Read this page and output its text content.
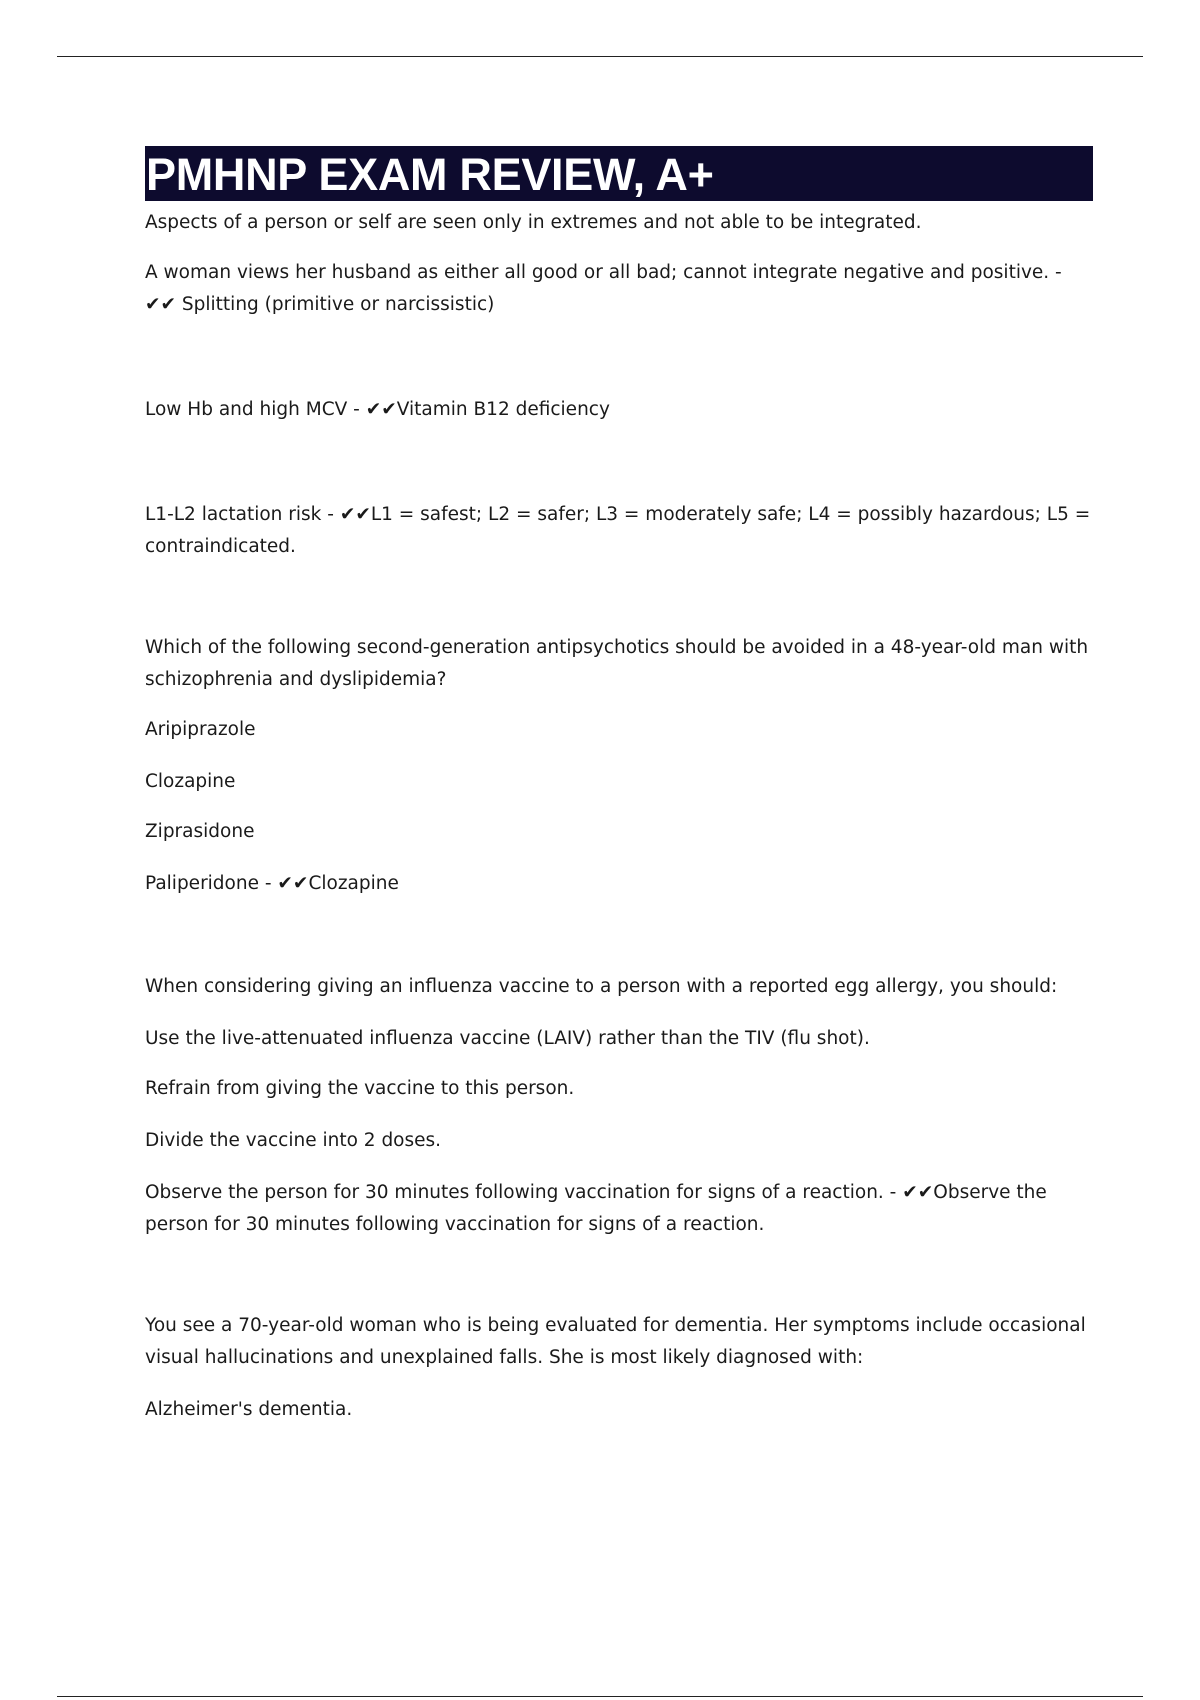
PMHNP EXAM REVIEW, A+

Aspects of a person or self are seen only in extremes and not able to be integrated.

A woman views her husband as either all good or all bad; cannot integrate negative and positive. - ✔✔ Splitting (primitive or narcissistic)

Low Hb and high MCV - ✔✔Vitamin B12 deficiency

L1-L2 lactation risk - ✔✔L1 = safest; L2 = safer; L3 = moderately safe; L4 = possibly hazardous; L5 = contraindicated.

Which of the following second-generation antipsychotics should be avoided in a 48-year-old man with schizophrenia and dyslipidemia?

Aripiprazole

Clozapine

Ziprasidone

Paliperidone - ✔✔Clozapine

When considering giving an influenza vaccine to a person with a reported egg allergy, you should:

Use the live-attenuated influenza vaccine (LAIV) rather than the TIV (flu shot).

Refrain from giving the vaccine to this person.

Divide the vaccine into 2 doses.

Observe the person for 30 minutes following vaccination for signs of a reaction. - ✔✔Observe the person for 30 minutes following vaccination for signs of a reaction.

You see a 70-year-old woman who is being evaluated for dementia. Her symptoms include occasional visual hallucinations and unexplained falls. She is most likely diagnosed with:

Alzheimer's dementia.
